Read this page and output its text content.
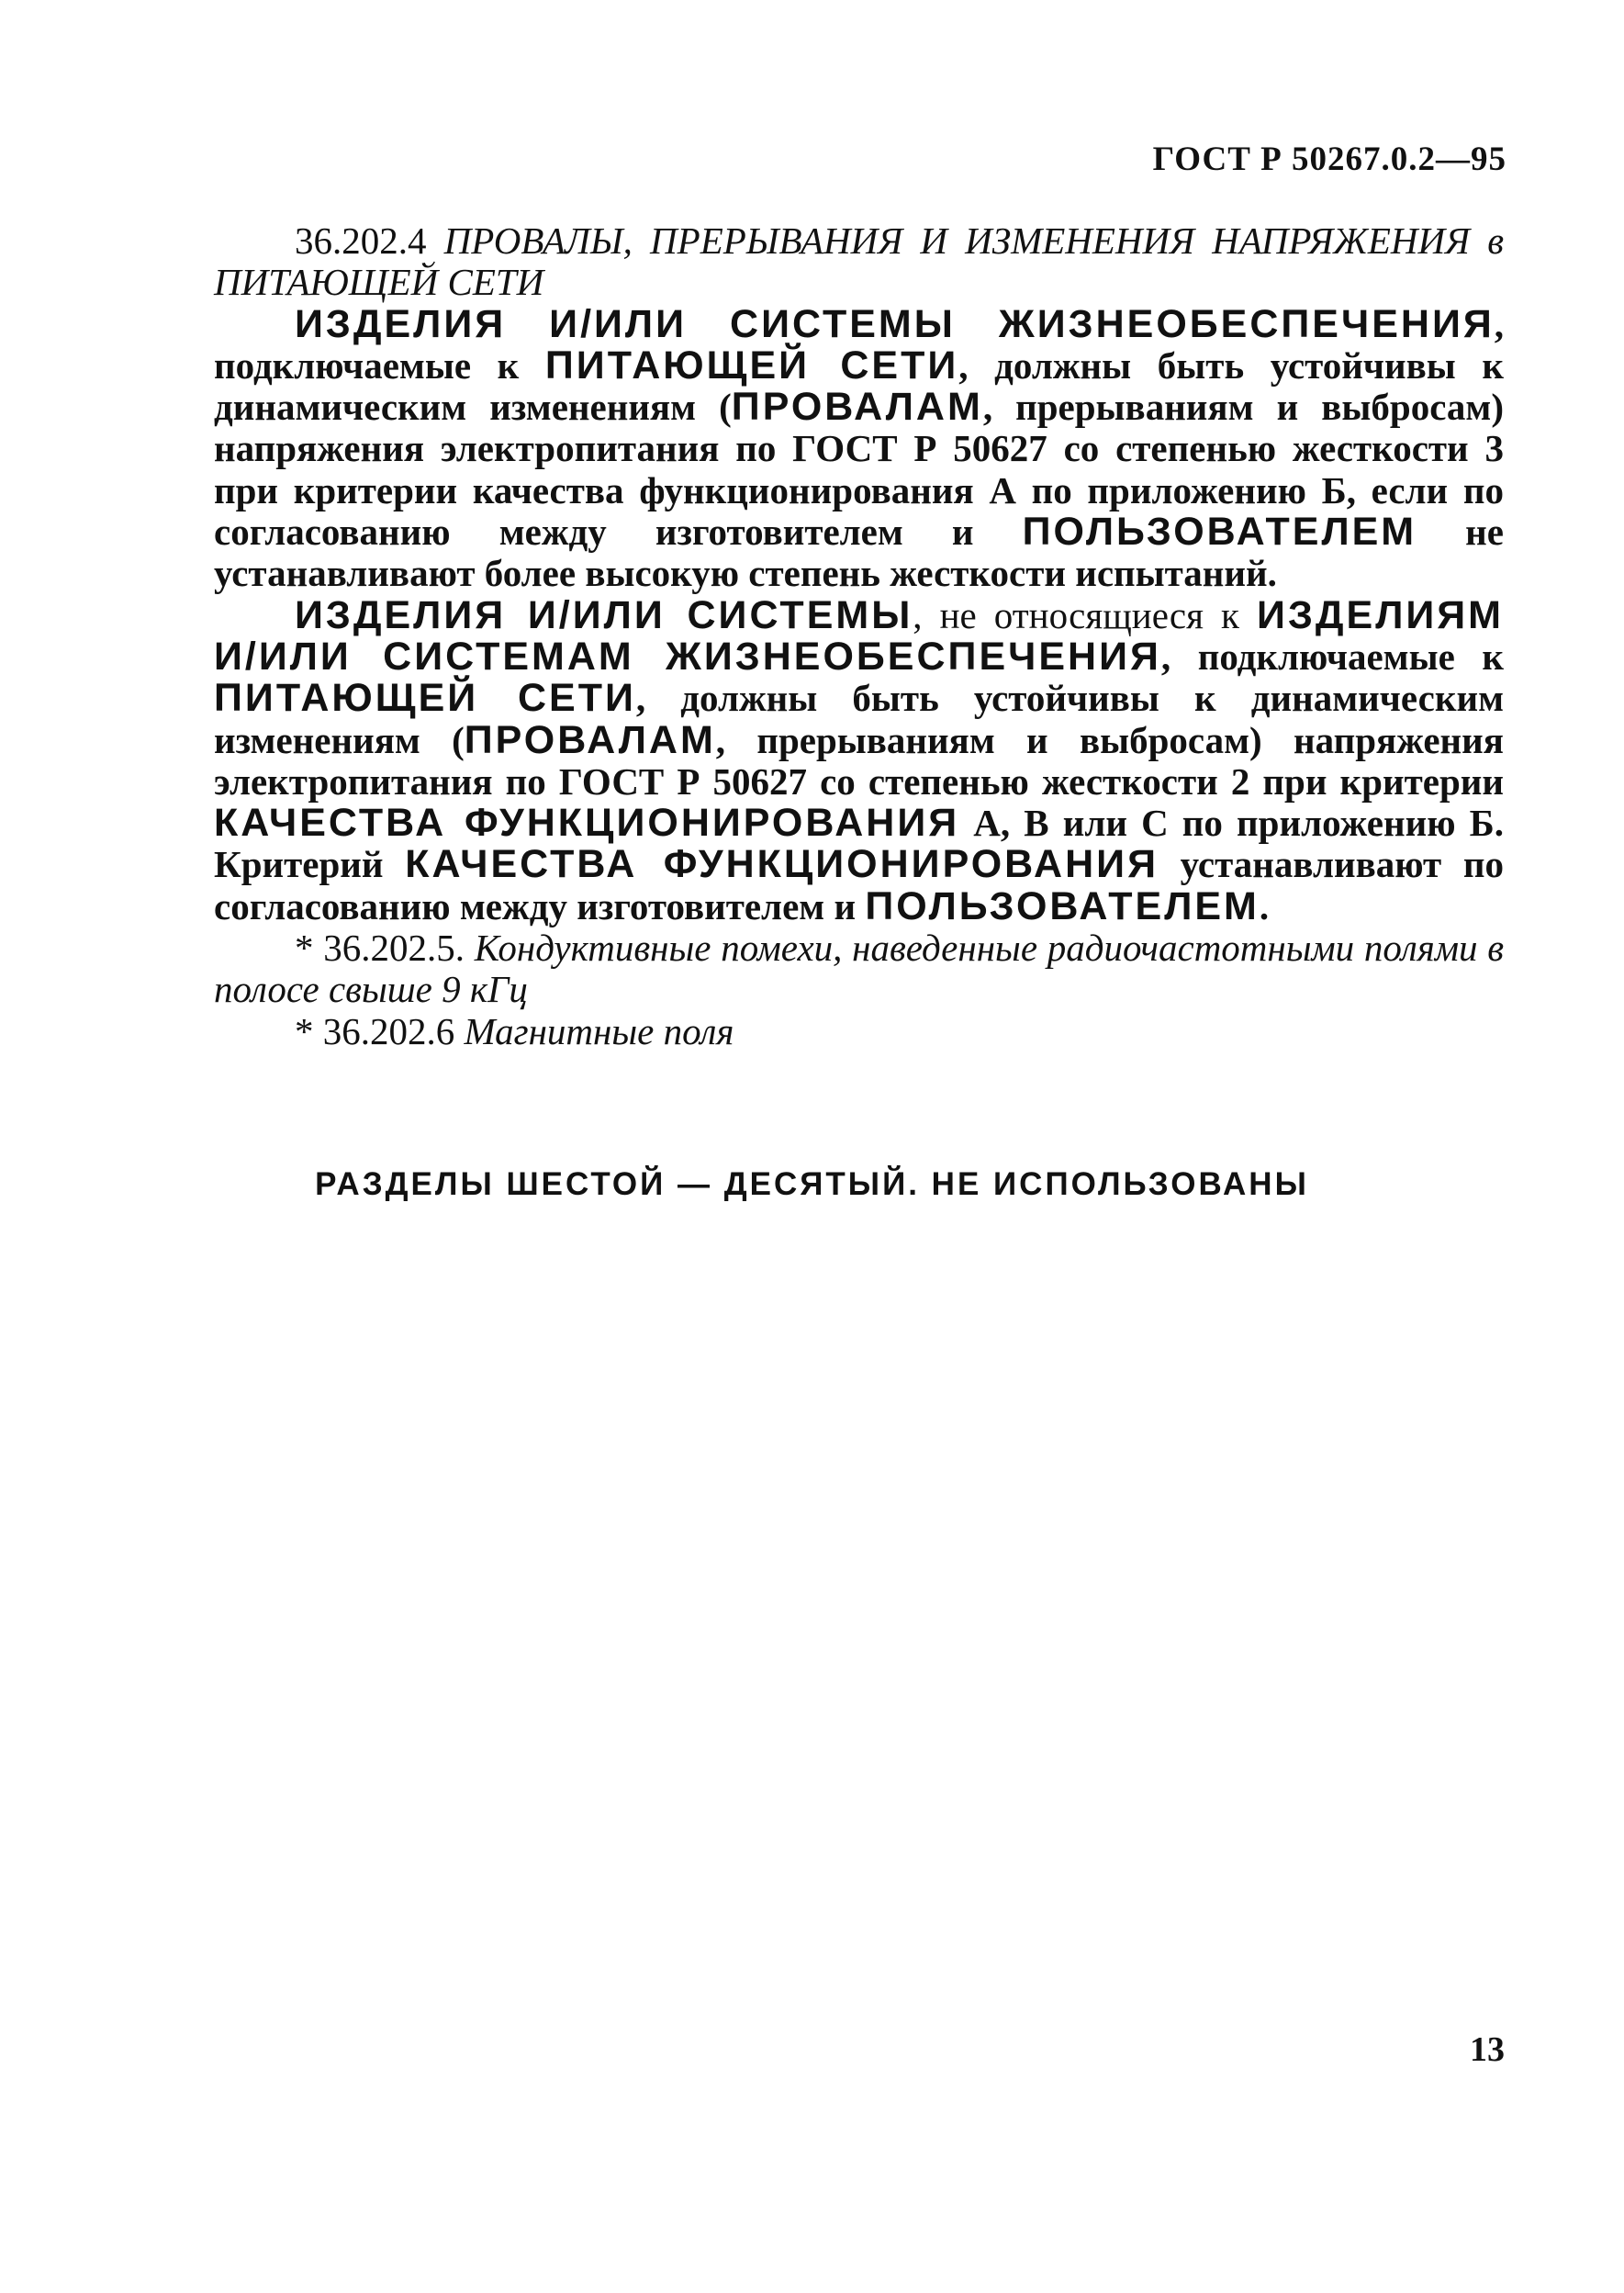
ГОСТ Р 50267.0.2—95

36.202.4 ПРОВАЛЫ, ПРЕРЫВАНИЯ И ИЗМЕНЕНИЯ НАПРЯЖЕНИЯ в ПИТАЮЩЕЙ СЕТИ

ИЗДЕЛИЯ И/ИЛИ СИСТЕМЫ ЖИЗНЕОБЕСПЕЧЕНИЯ, подключаемые к ПИТАЮЩЕЙ СЕТИ, должны быть устойчивы к динамическим изменениям (ПРОВАЛАМ, прерываниям и выбросам) напряжения электропитания по ГОСТ Р 50627 со степенью жесткости 3 при критерии качества функционирования А по приложению Б, если по согласованию между изготовителем и ПОЛЬЗОВАТЕЛЕМ не устанавливают более высокую степень жесткости испытаний.

ИЗДЕЛИЯ И/ИЛИ СИСТЕМЫ, не относящиеся к ИЗДЕЛИЯМ И/ИЛИ СИСТЕМАМ ЖИЗНЕОБЕСПЕЧЕНИЯ, подключаемые к ПИТАЮЩЕЙ СЕТИ, должны быть устойчивы к динамическим изменениям (ПРОВАЛАМ, прерываниям и выбросам) напряжения электропитания по ГОСТ Р 50627 со степенью жесткости 2 при критерии КАЧЕСТВА ФУНКЦИОНИРОВАНИЯ А, В или С по приложению Б. Критерий КАЧЕСТВА ФУНКЦИОНИРОВАНИЯ устанавливают по согласованию между изготовителем и ПОЛЬЗОВАТЕЛЕМ.

* 36.202.5. Кондуктивные помехи, наведенные радиочастотными полями в полосе свыше 9 кГц

* 36.202.6 Магнитные поля

РАЗДЕЛЫ ШЕСТОЙ — ДЕСЯТЫЙ. НЕ ИСПОЛЬЗОВАНЫ
13
